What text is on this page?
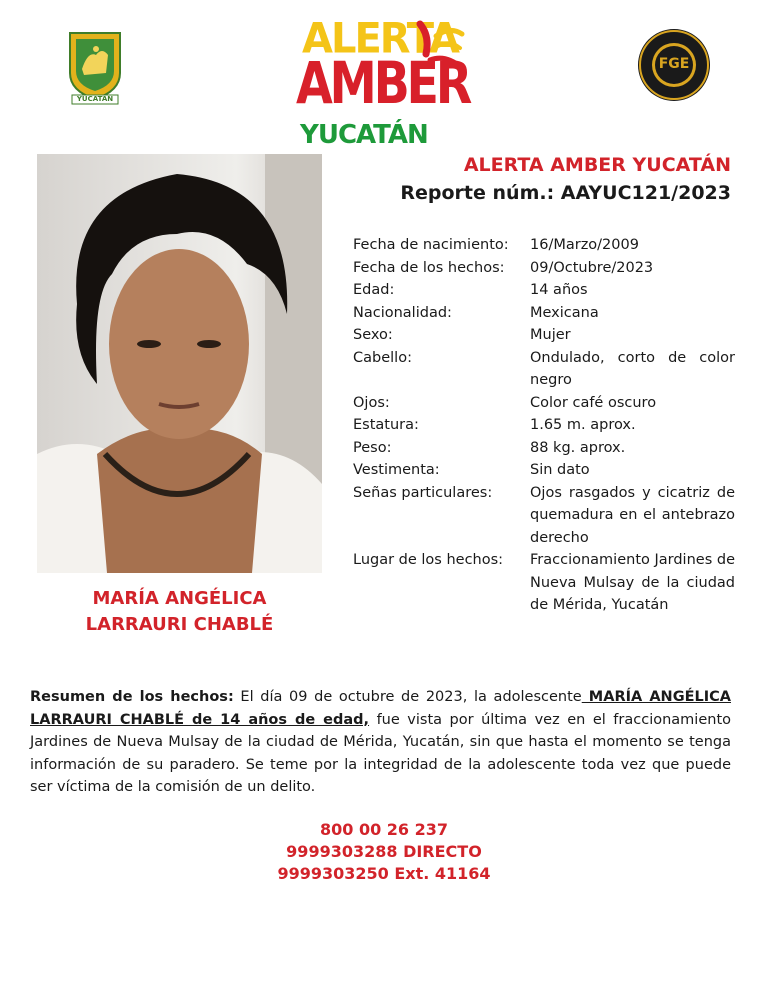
YUCATÁN
ALERTA
AMBER
YUCATÁN
FGE
MARÍA ANGÉLICA
LARRAURI CHABLÉ
ALERTA AMBER YUCATÁN
Reporte núm.: AAYUC121/2023
Fecha de nacimiento:	16/Marzo/2009
Fecha de los hechos:	09/Octubre/2023
Edad:	14 años
Nacionalidad:	Mexicana
Sexo:	Mujer
Cabello:	Ondulado, corto de color negro
Ojos:	Color café oscuro
Estatura:	1.65 m. aprox.
Peso:	88 kg. aprox.
Vestimenta:	Sin dato
Señas particulares:	Ojos rasgados y cicatriz de quemadura en el antebrazo derecho
Lugar de los hechos:	Fraccionamiento Jardines de Nueva Mulsay de la ciudad de Mérida, Yucatán
Resumen de los hechos: El día 09 de octubre de 2023, la adolescente MARÍA ANGÉLICA LARRAURI CHABLÉ de 14 años de edad, fue vista por última vez en el fraccionamiento Jardines de Nueva Mulsay de la ciudad de Mérida, Yucatán, sin que hasta el momento se tenga información de su paradero. Se teme por la integridad de la adolescente toda vez que puede ser víctima de la comisión de un delito.
800 00 26 237
9999303288 DIRECTO
9999303250 Ext. 41164
